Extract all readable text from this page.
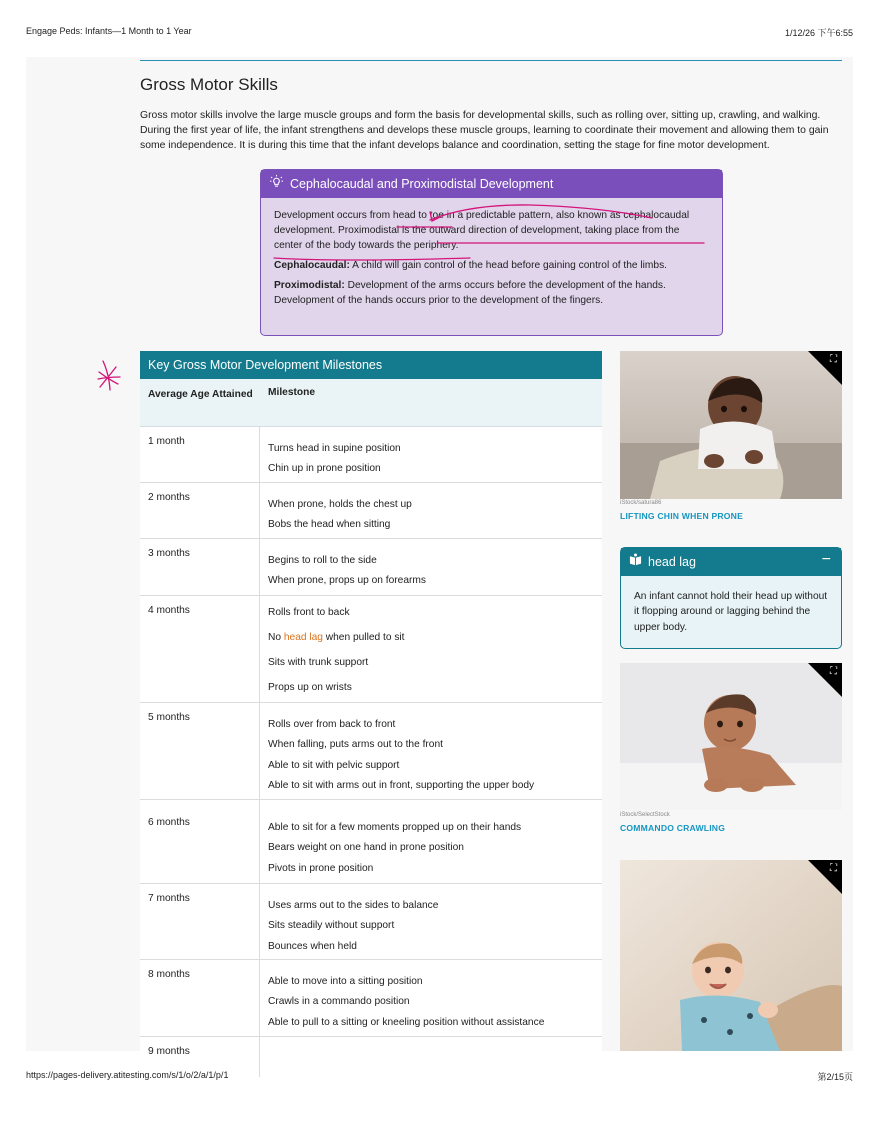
Engage Peds: Infants—1 Month to 1 Year	1/12/26 下午6:55
Gross Motor Skills

Gross motor skills involve the large muscle groups and form the basis for developmental skills, such as rolling over, sitting up, crawling, and walking. During the first year of life, the infant strengthens and develops these muscle groups, learning to coordinate their movement and allowing them to gain some independence. It is during this time that the infant develops balance and coordination, setting the stage for fine motor development.

Cephalocaudal and Proximodistal Development

Development occurs from head to toe in a predictable pattern, also known as cephalocaudal development. Proximodistal is the outward direction of development, taking place from the center of the body towards the periphery.

Cephalocaudal: A child will gain control of the head before gaining control of the limbs.

Proximodistal: Development of the arms occurs before the development of the hands. Development of the hands occurs prior to the development of the fingers.

Key Gross Motor Development Milestones
Average Age Attained	Milestone
1 month
Turns head in supine position
Chin up in prone position
2 months
When prone, holds the chest up
Bobs the head when sitting
3 months
Begins to roll to the side
When prone, props up on forearms
4 months	Rolls front to back
No head lag when pulled to sit
Sits with trunk support
Props up on wrists
5 months
Rolls over from back to front
When falling, puts arms out to the front
Able to sit with pelvic support
Able to sit with arms out in front, supporting the upper body
6 months	Able to sit for a few moments propped up on their hands
Bears weight on one hand in prone position
Pivots in prone position
7 months
Uses arms out to the sides to balance
Sits steadily without support
Bounces when held
8 months
Able to move into a sitting position
Crawls in a commando position
Able to pull to a sitting or kneeling position without assistance
9 months
⛶
iStock/satura86
LIFTING CHIN WHEN PRONE
head lag	−
An infant cannot hold their head up without it flopping around or lagging behind the upper body.
⛶
iStock/SelectStock
COMMANDO CRAWLING
⛶
https://pages-delivery.atitesting.com/s/1/o/2/a/1/p/1	第2/15页
